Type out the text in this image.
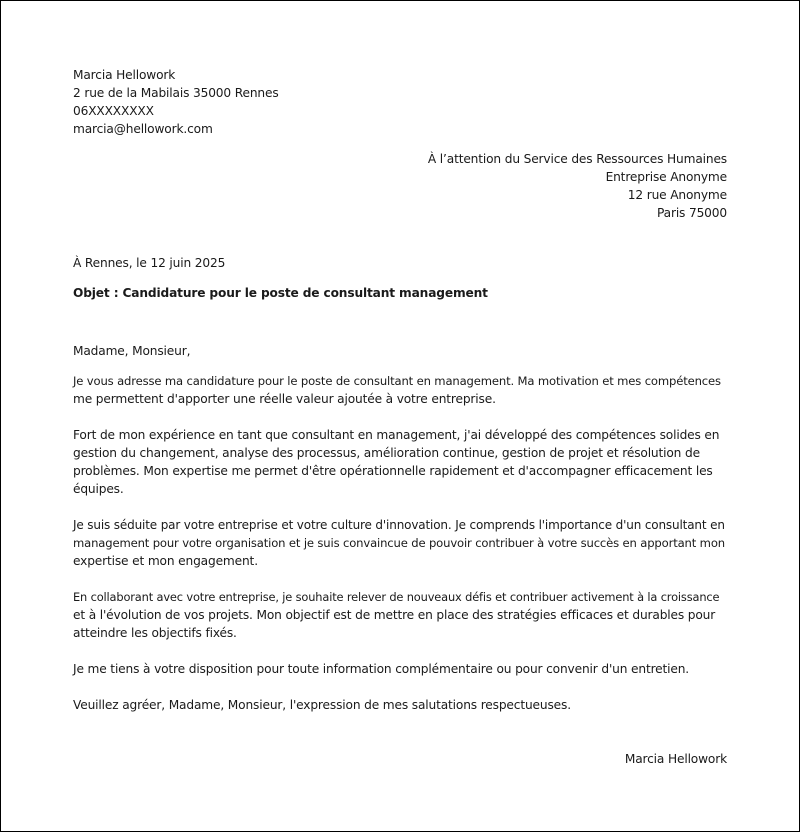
Marcia Hellowork
2 rue de la Mabilais 35000 Rennes
06XXXXXXXX
marcia@hellowork.com
À l’attention du Service des Ressources Humaines
Entreprise Anonyme
12 rue Anonyme
Paris 75000
À Rennes, le 12 juin 2025
Objet : Candidature pour le poste de consultant management
Madame, Monsieur,
Je vous adresse ma candidature pour le poste de consultant en management. Ma motivation et mes compétences
me permettent d'apporter une réelle valeur ajoutée à votre entreprise.
Fort de mon expérience en tant que consultant en management, j'ai développé des compétences solides en
gestion du changement, analyse des processus, amélioration continue, gestion de projet et résolution de
problèmes. Mon expertise me permet d'être opérationnelle rapidement et d'accompagner efficacement les
équipes.
Je suis séduite par votre entreprise et votre culture d'innovation. Je comprends l'importance d'un consultant en
management pour votre organisation et je suis convaincue de pouvoir contribuer à votre succès en apportant mon
expertise et mon engagement.
En collaborant avec votre entreprise, je souhaite relever de nouveaux défis et contribuer activement à la croissance
et à l'évolution de vos projets. Mon objectif est de mettre en place des stratégies efficaces et durables pour
atteindre les objectifs fixés.
Je me tiens à votre disposition pour toute information complémentaire ou pour convenir d'un entretien.
Veuillez agréer, Madame, Monsieur, l'expression de mes salutations respectueuses.
Marcia Hellowork
